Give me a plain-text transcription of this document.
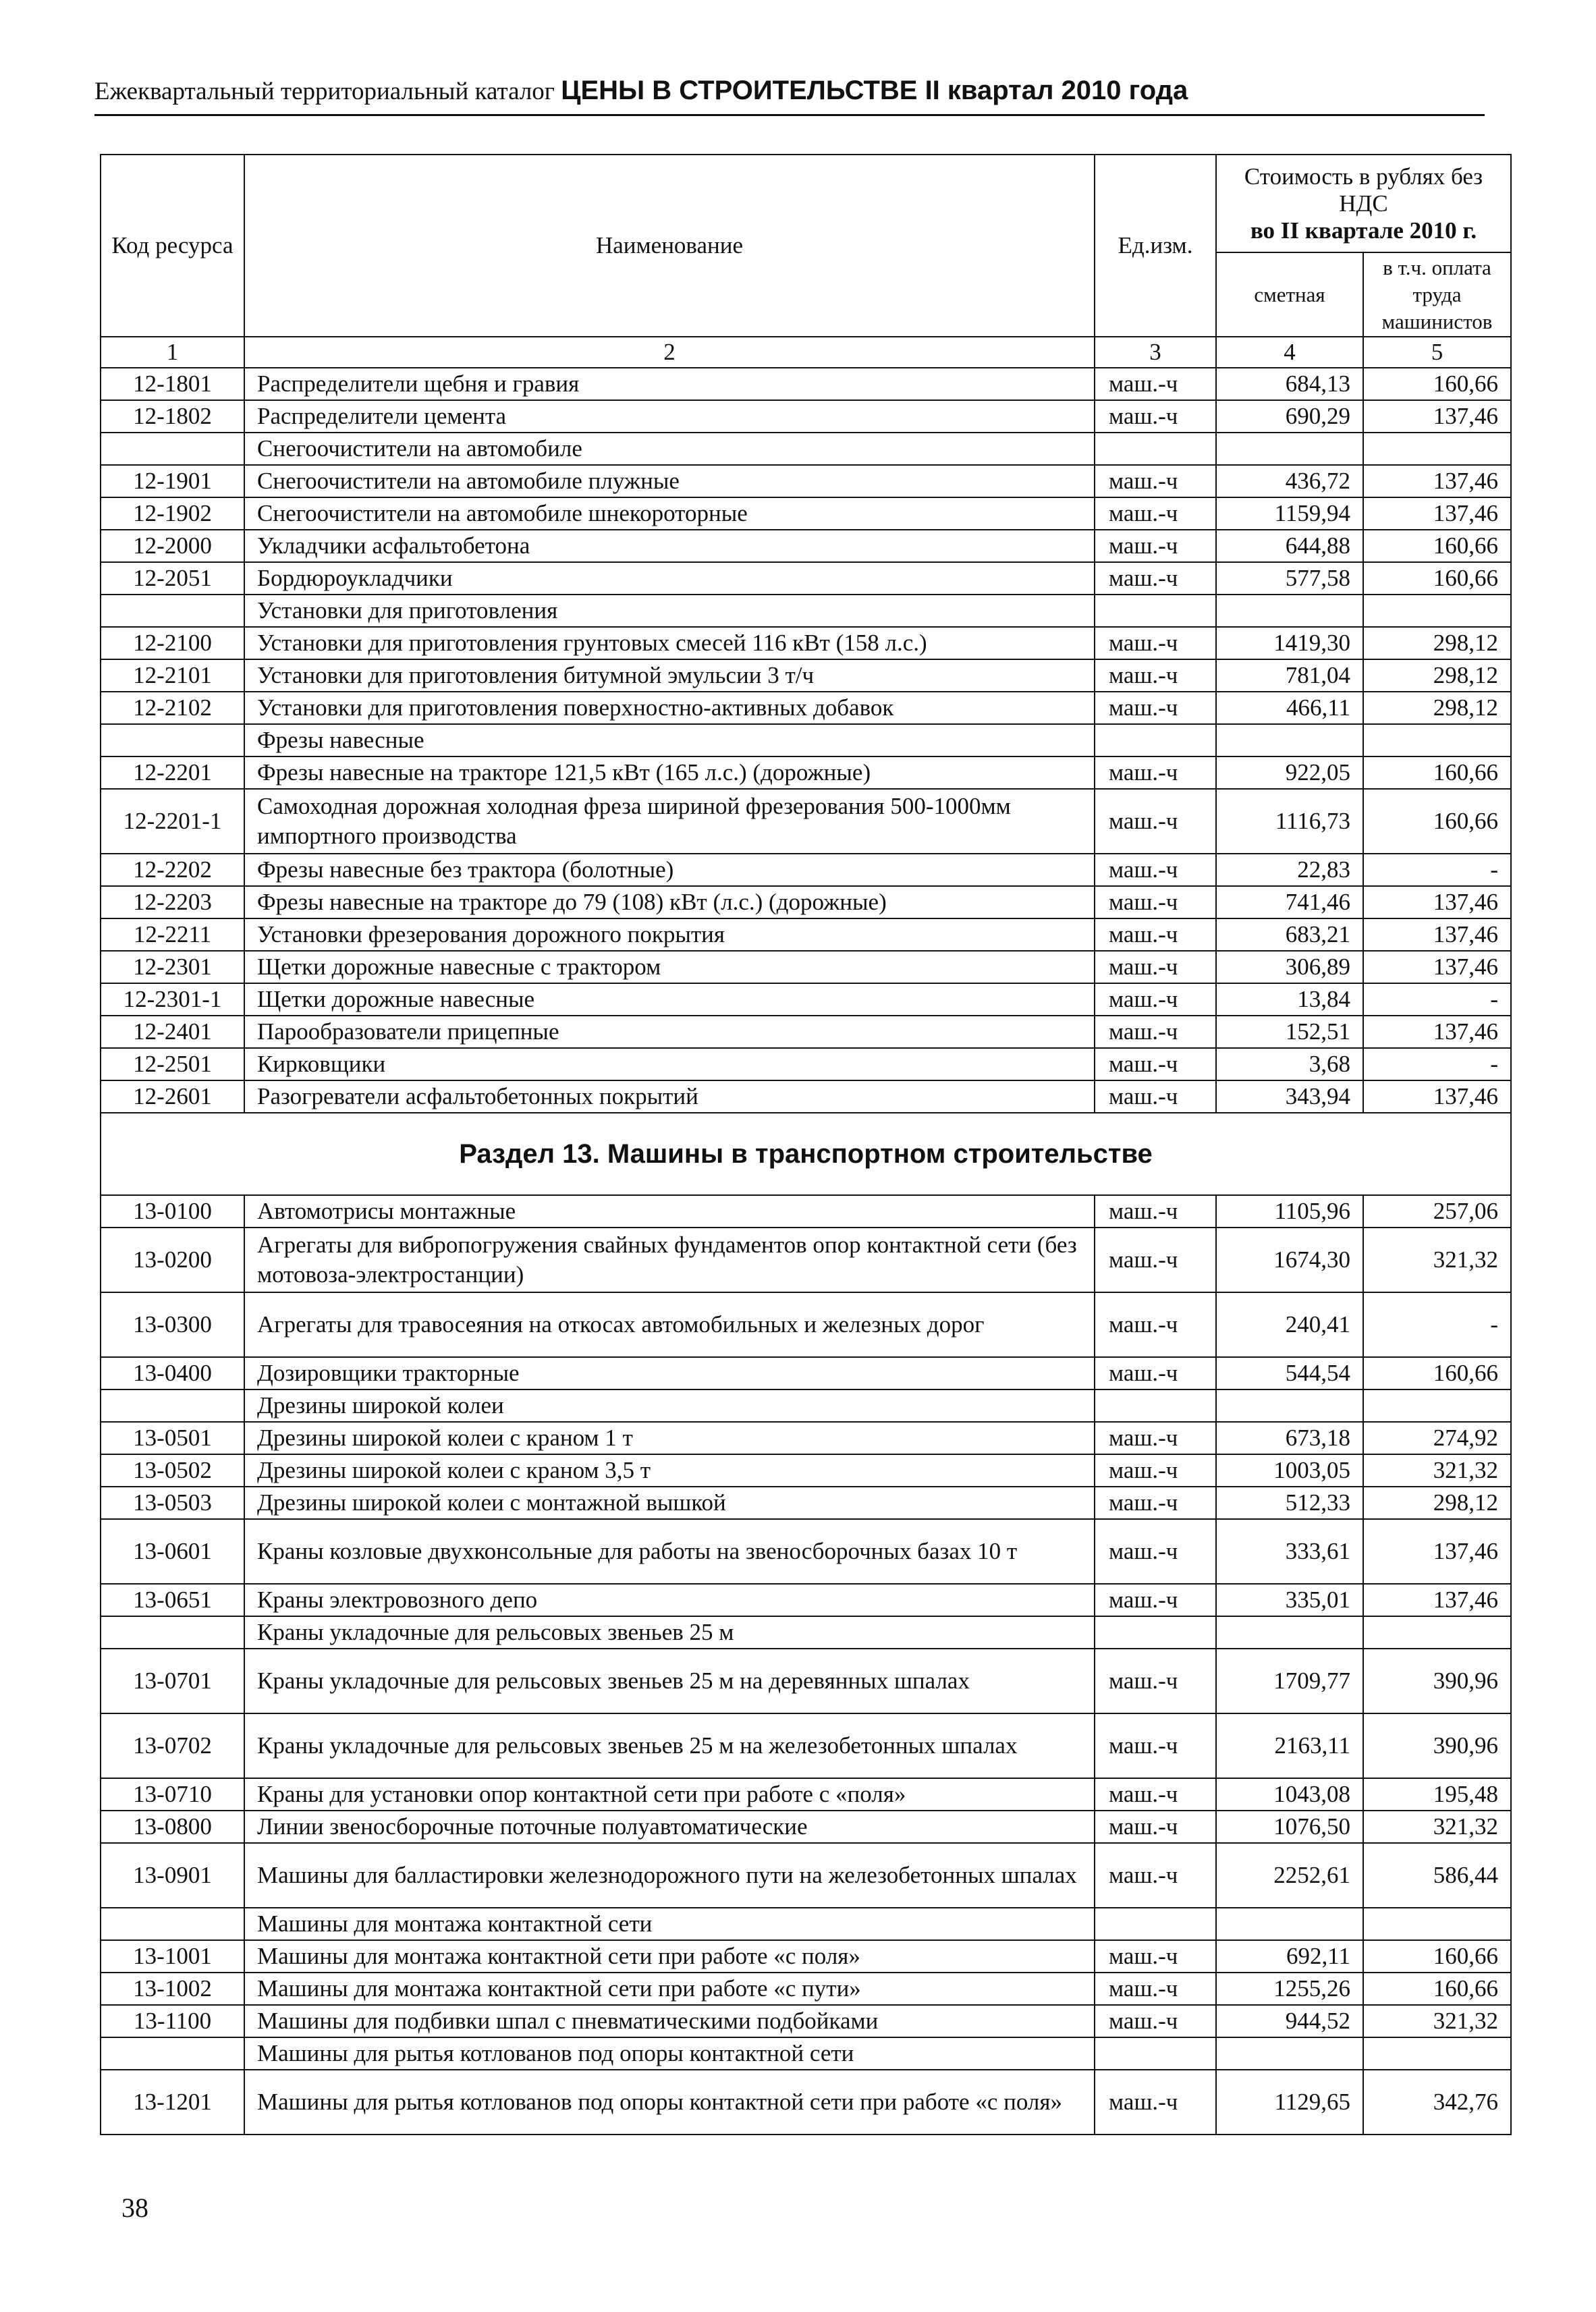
Ежеквартальный территориальный каталог ЦЕНЫ В СТРОИТЕЛЬСТВЕ II квартал 2010 года
Код ресурса	Наименование	Ед.изм.	Стоимость в рублях без НДС
во II квартале 2010 г.	

			сметная	в т.ч. оплата труда машинистов
1	2	3	4	5
12-1801	Распределители щебня и гравия	маш.-ч	684,13	160,66
12-1802	Распределители цемента	маш.-ч	690,29	137,46
	Снегоочистители на автомобиле			
12-1901	Снегоочистители на автомобиле плужные	маш.-ч	436,72	137,46
12-1902	Снегоочистители на автомобиле шнекороторные	маш.-ч	1159,94	137,46
12-2000	Укладчики асфальтобетона	маш.-ч	644,88	160,66
12-2051	Бордюроукладчики	маш.-ч	577,58	160,66
	Установки для приготовления			
12-2100	Установки для приготовления грунтовых смесей 116 кВт (158 л.с.)	маш.-ч	1419,30	298,12
12-2101	Установки для приготовления битумной эмульсии 3 т/ч	маш.-ч	781,04	298,12
12-2102	Установки для приготовления поверхностно-активных добавок	маш.-ч	466,11	298,12
	Фрезы навесные			
12-2201	Фрезы навесные на тракторе 121,5 кВт (165 л.с.) (дорожные)	маш.-ч	922,05	160,66
12-2201-1	Самоходная дорожная холодная фреза шириной фрезерования 500-1000мм импортного производства	маш.-ч	1116,73	160,66
12-2202	Фрезы навесные без трактора (болотные)	маш.-ч	22,83	-
12-2203	Фрезы навесные на тракторе до 79 (108) кВт (л.с.) (дорожные)	маш.-ч	741,46	137,46
12-2211	Установки фрезерования дорожного покрытия	маш.-ч	683,21	137,46
12-2301	Щетки дорожные навесные с трактором	маш.-ч	306,89	137,46
12-2301-1	Щетки дорожные навесные	маш.-ч	13,84	-
12-2401	Парообразователи прицепные	маш.-ч	152,51	137,46
12-2501	Кирковщики	маш.-ч	3,68	-
12-2601	Разогреватели асфальтобетонных покрытий	маш.-ч	343,94	137,46
Раздел 13. Машины в транспортном строительстве				
13-0100	Автомотрисы монтажные	маш.-ч	1105,96	257,06
13-0200	Агрегаты для вибропогружения свайных фундаментов опор контактной сети (без мотовоза-электростанции)	маш.-ч	1674,30	321,32
13-0300	Агрегаты для травосеяния на откосах автомобильных и железных дорог	маш.-ч	240,41	-
13-0400	Дозировщики тракторные	маш.-ч	544,54	160,66
	Дрезины широкой колеи			
13-0501	Дрезины широкой колеи с краном 1 т	маш.-ч	673,18	274,92
13-0502	Дрезины широкой колеи с краном 3,5 т	маш.-ч	1003,05	321,32
13-0503	Дрезины широкой колеи с монтажной вышкой	маш.-ч	512,33	298,12
13-0601	Краны козловые двухконсольные для работы на звеносборочных базах 10 т	маш.-ч	333,61	137,46
13-0651	Краны электровозного депо	маш.-ч	335,01	137,46
	Краны укладочные для рельсовых звеньев 25 м			
13-0701	Краны укладочные для рельсовых звеньев 25 м на деревянных шпалах	маш.-ч	1709,77	390,96
13-0702	Краны укладочные для рельсовых звеньев 25 м на железобетонных шпалах	маш.-ч	2163,11	390,96
13-0710	Краны для установки опор контактной сети при работе с «поля»	маш.-ч	1043,08	195,48
13-0800	Линии звеносборочные поточные полуавтоматические	маш.-ч	1076,50	321,32
13-0901	Машины для балластировки железнодорожного пути на железобетонных шпалах	маш.-ч	2252,61	586,44
	Машины для монтажа контактной сети			
13-1001	Машины для монтажа контактной сети при работе «с поля»	маш.-ч	692,11	160,66
13-1002	Машины для монтажа контактной сети при работе «с пути»	маш.-ч	1255,26	160,66
13-1100	Машины для подбивки шпал с пневматическими подбойками	маш.-ч	944,52	321,32
	Машины для рытья котлованов под опоры контактной сети			
13-1201	Машины для рытья котлованов под опоры контактной сети при работе «с поля»	маш.-ч	1129,65	342,76
38
